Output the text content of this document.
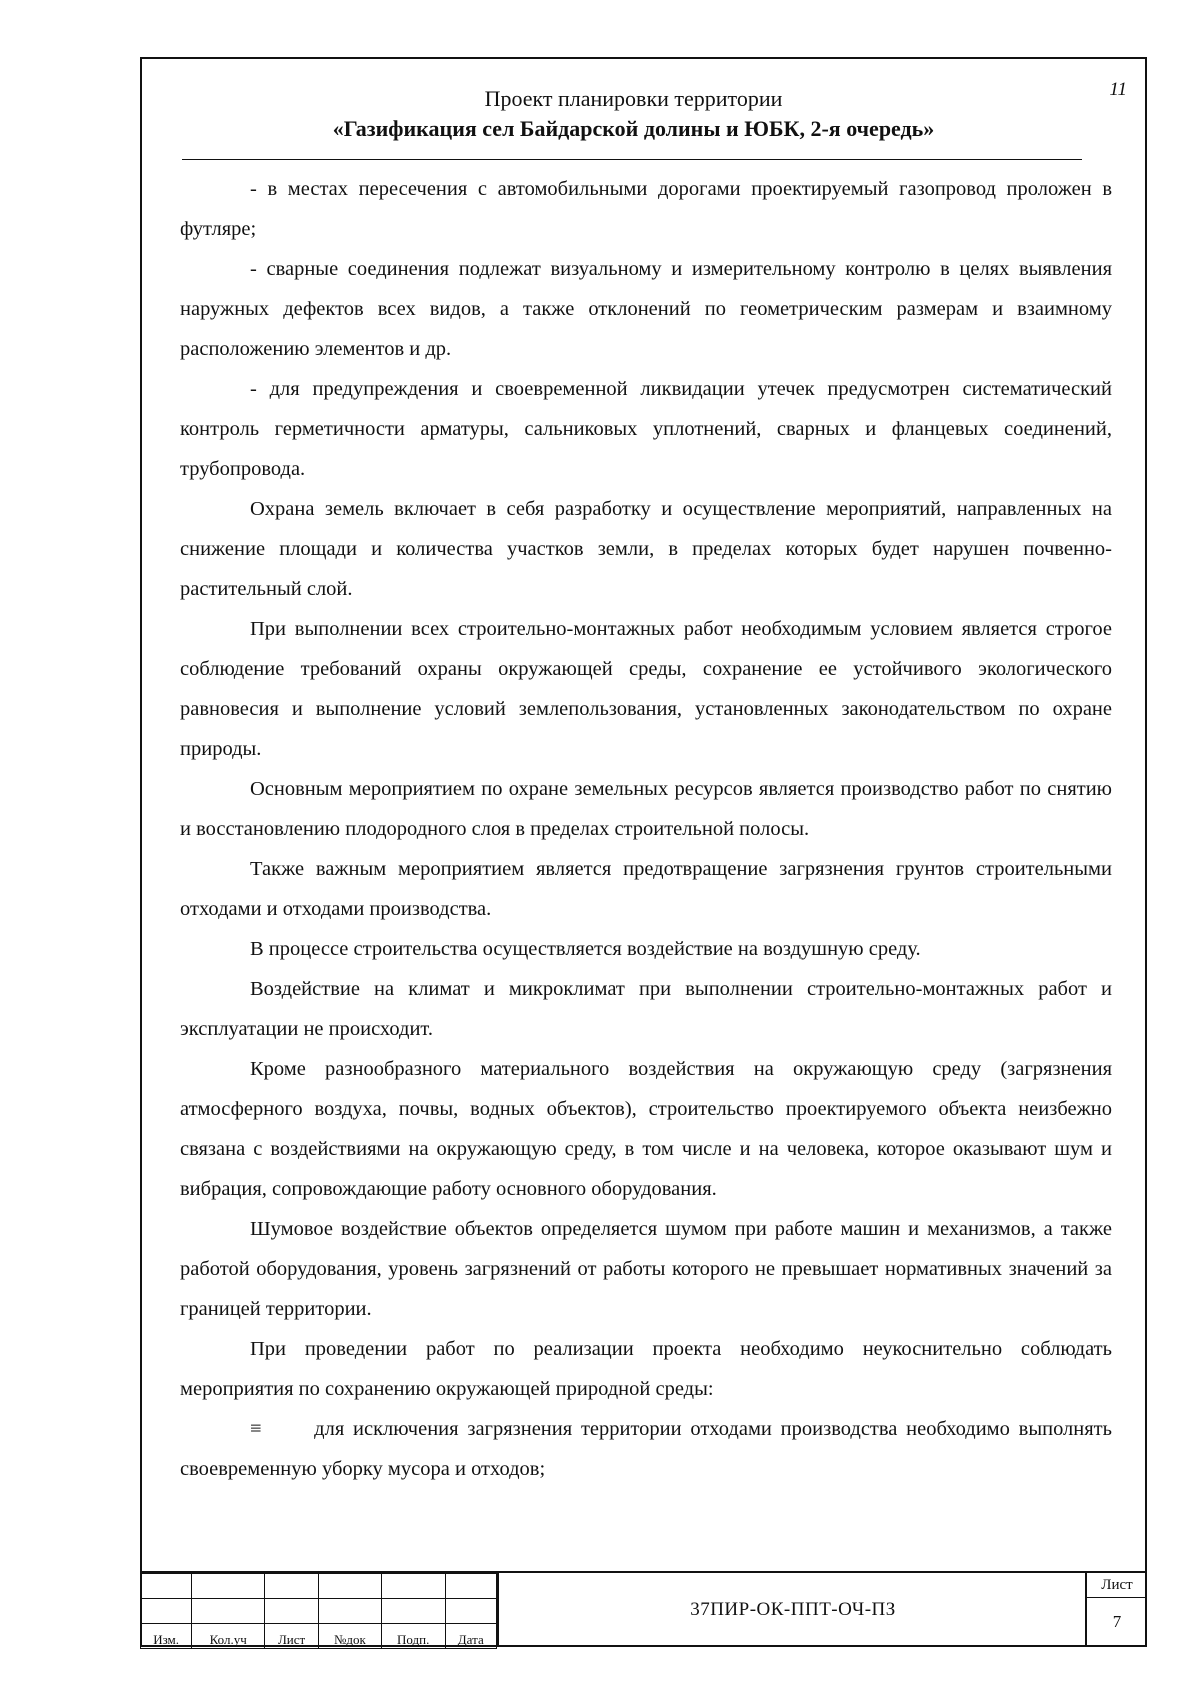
11
Проект планировки территории
«Газификация сел Байдарской долины и ЮБК, 2-я очередь»

- в местах пересечения с автомобильными дорогами проектируемый газопровод проложен в футляре;

- сварные соединения подлежат визуальному и измерительному контролю в целях выявления наружных дефектов всех видов, а также отклонений по геометрическим размерам и взаимному расположению элементов и др.

- для предупреждения и своевременной ликвидации утечек предусмотрен систематический контроль герметичности арматуры, сальниковых уплотнений, сварных и фланцевых соединений, трубопровода.

Охрана земель включает в себя разработку и осуществление мероприятий, направленных на снижение площади и количества участков земли, в пределах которых будет нарушен почвенно-растительный слой.

При выполнении всех строительно-монтажных работ необходимым условием является строгое соблюдение требований охраны окружающей среды, сохранение ее устойчивого экологического равновесия и выполнение условий землепользования, установленных законодательством по охране природы.

Основным мероприятием по охране земельных ресурсов является производство работ по снятию и восстановлению плодородного слоя в пределах строительной полосы.

Также важным мероприятием является предотвращение загрязнения грунтов строительными отходами и отходами производства.

В процессе строительства осуществляется воздействие на воздушную среду.

Воздействие на климат и микроклимат при выполнении строительно-монтажных работ и эксплуатации не происходит.

Кроме разнообразного материального воздействия на окружающую среду (загрязнения атмосферного воздуха, почвы, водных объектов), строительство проектируемого объекта неизбежно связана с воздействиями на окружающую среду, в том числе и на человека, которое оказывают шум и вибрация, сопровождающие работу основного оборудования.

Шумовое воздействие объектов определяется шумом при работе машин и механизмов, а также работой оборудования, уровень загрязнений от работы которого не превышает нормативных значений за границей территории.

При проведении работ по реализации проекта необходимо неукоснительно соблюдать мероприятия по сохранению окружающей природной среды:

≡      для исключения загрязнения территории отходами производства необходимо выполнять своевременную уборку мусора и отходов;

Изм.	Кол.уч	Лист	№док	Подп.	Дата
37ПИР-ОК-ППТ-ОЧ-ПЗ
Лист
7
